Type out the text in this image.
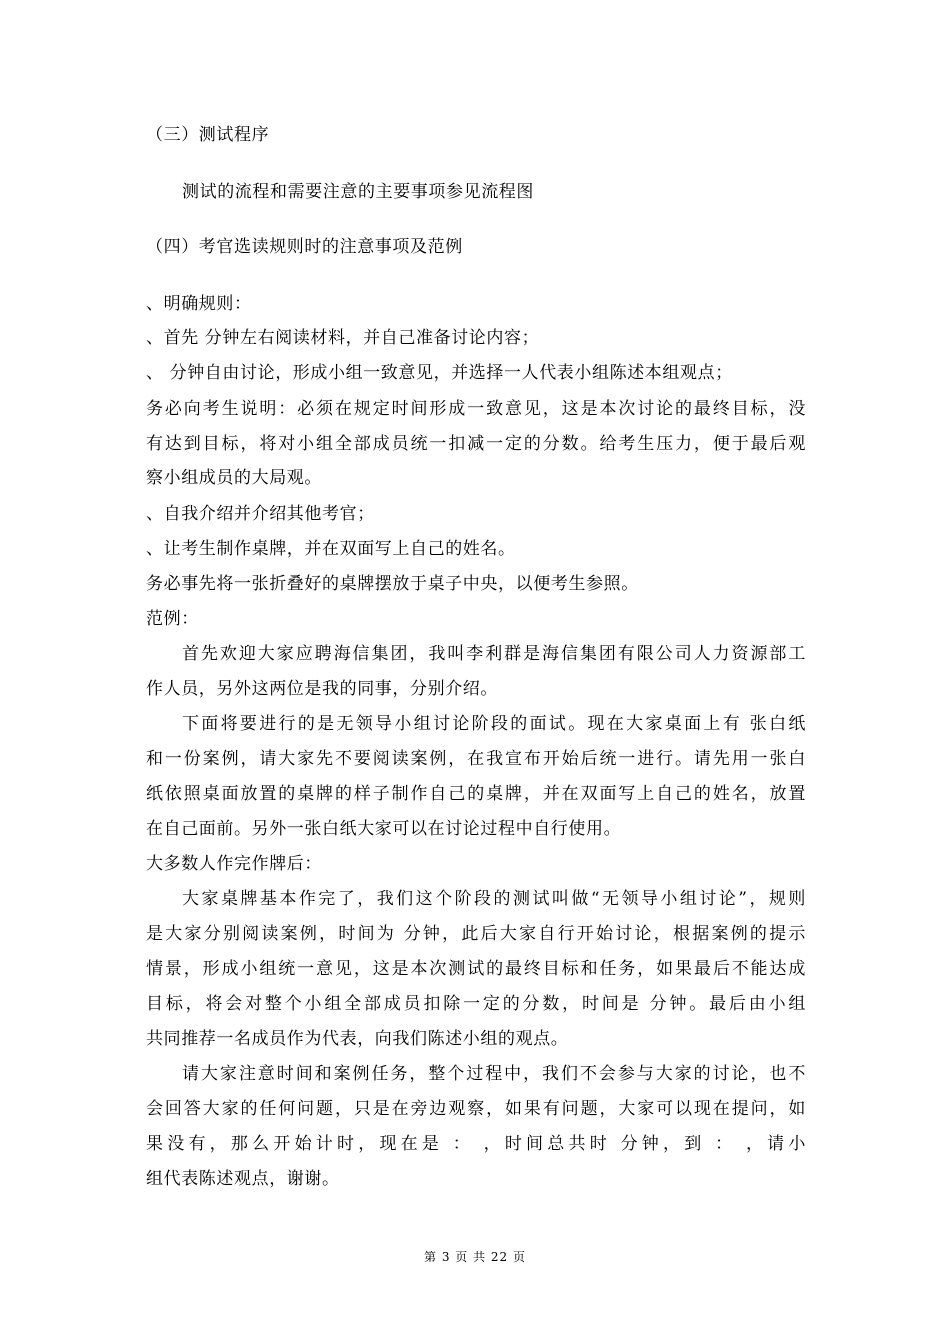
（三）测试程序
测试的流程和需要注意的主要事项参见流程图
（四）考官选读规则时的注意事项及范例
、明确规则：
、首先 分钟左右阅读材料，并自己准备讨论内容；
、 分钟自由讨论，形成小组一致意见，并选择一人代表小组陈述本组观点；
务必向考生说明：必须在规定时间形成一致意见，这是本次讨论的最终目标，没
有达到目标，将对小组全部成员统一扣减一定的分数。给考生压力，便于最后观
察小组成员的大局观。
、自我介绍并介绍其他考官；
、让考生制作桌牌，并在双面写上自己的姓名。
务必事先将一张折叠好的桌牌摆放于桌子中央，以便考生参照。
范例：
首先欢迎大家应聘海信集团，我叫李利群是海信集团有限公司人力资源部工
作人员，另外这两位是我的同事，分别介绍。
下面将要进行的是无领导小组讨论阶段的面试。现在大家桌面上有 张白纸
和一份案例，请大家先不要阅读案例，在我宣布开始后统一进行。请先用一张白
纸依照桌面放置的桌牌的样子制作自己的桌牌，并在双面写上自己的姓名，放置
在自己面前。另外一张白纸大家可以在讨论过程中自行使用。
大多数人作完作牌后：
大家桌牌基本作完了，我们这个阶段的测试叫做“无领导小组讨论”，规则
是大家分别阅读案例，时间为 分钟，此后大家自行开始讨论，根据案例的提示
情景，形成小组统一意见，这是本次测试的最终目标和任务，如果最后不能达成
目标，将会对整个小组全部成员扣除一定的分数，时间是 分钟。最后由小组
共同推荐一名成员作为代表，向我们陈述小组的观点。
请大家注意时间和案例任务，整个过程中，我们不会参与大家的讨论，也不
会回答大家的任何问题，只是在旁边观察，如果有问题，大家可以现在提问，如
果没有，那么开始计时，现在是 ： ，时间总共时 分钟，到 ： ，请小
组代表陈述观点，谢谢。
第 3 页 共 22 页
